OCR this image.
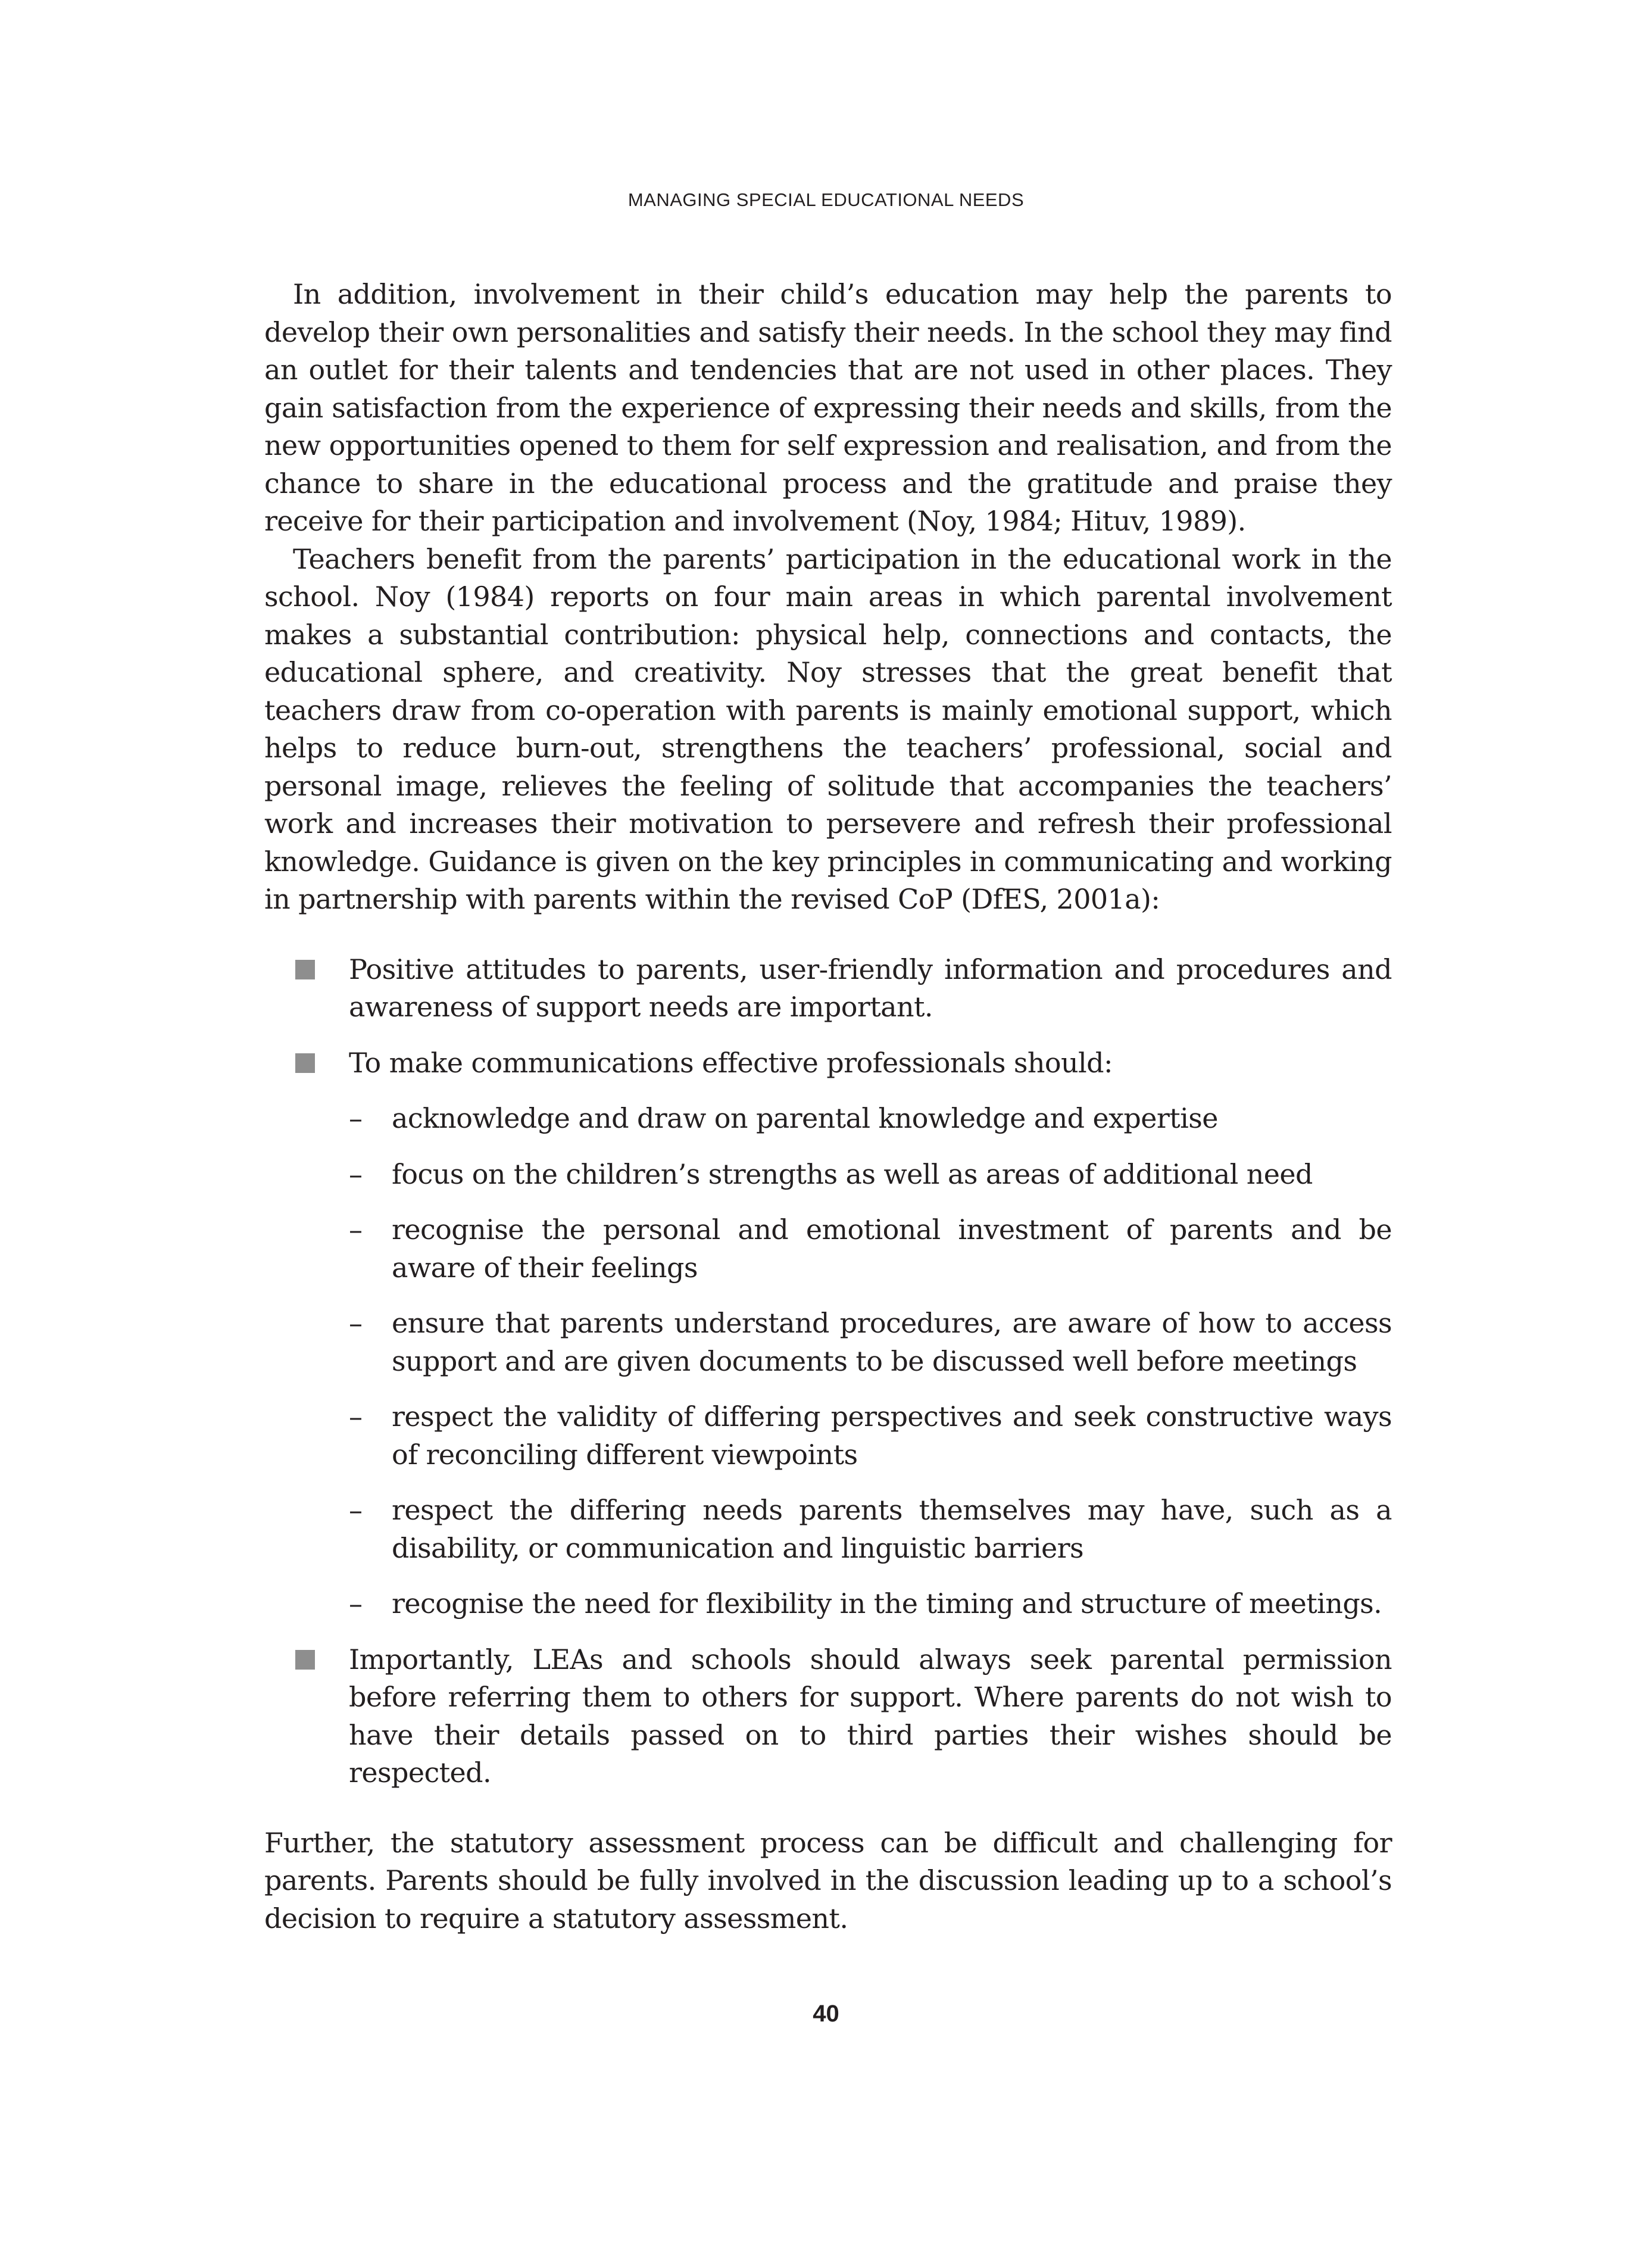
MANAGING SPECIAL EDUCATIONAL NEEDS

In addition, involvement in their child’s education may help the parents to develop their own personalities and satisfy their needs. In the school they may find an outlet for their talents and tendencies that are not used in other places. They gain satisfaction from the experience of expressing their needs and skills, from the new opportunities opened to them for self expression and realisation, and from the chance to share in the educational process and the gratitude and praise they receive for their participation and involvement (Noy, 1984; Hituv, 1989).

Teachers benefit from the parents’ participation in the educational work in the school. Noy (1984) reports on four main areas in which parental involvement makes a substantial contribution: physical help, connections and contacts, the educational sphere, and creativity. Noy stresses that the great benefit that teachers draw from co-operation with parents is mainly emotional support, which helps to reduce burn-out, strengthens the teachers’ professional, social and personal image, relieves the feeling of solitude that accompanies the teachers’ work and increases their motivation to persevere and refresh their professional knowledge. Guidance is given on the key principles in communicating and working in partnership with parents within the revised CoP (DfES, 2001a):

Positive attitudes to parents, user-friendly information and procedures and awareness of support needs are important.
To make communications effective professionals should:
– acknowledge and draw on parental knowledge and expertise
– focus on the children’s strengths as well as areas of additional need
– recognise the personal and emotional investment of parents and be aware of their feelings
– ensure that parents understand procedures, are aware of how to access support and are given documents to be discussed well before meetings
– respect the validity of differing perspectives and seek constructive ways of reconciling different viewpoints
– respect the differing needs parents themselves may have, such as a disability, or communication and linguistic barriers
– recognise the need for flexibility in the timing and structure of meetings.
Importantly, LEAs and schools should always seek parental permission before referring them to others for support. Where parents do not wish to have their details passed on to third parties their wishes should be respected.

Further, the statutory assessment process can be difficult and challenging for parents. Parents should be fully involved in the discussion leading up to a school’s decision to require a statutory assessment.

40
